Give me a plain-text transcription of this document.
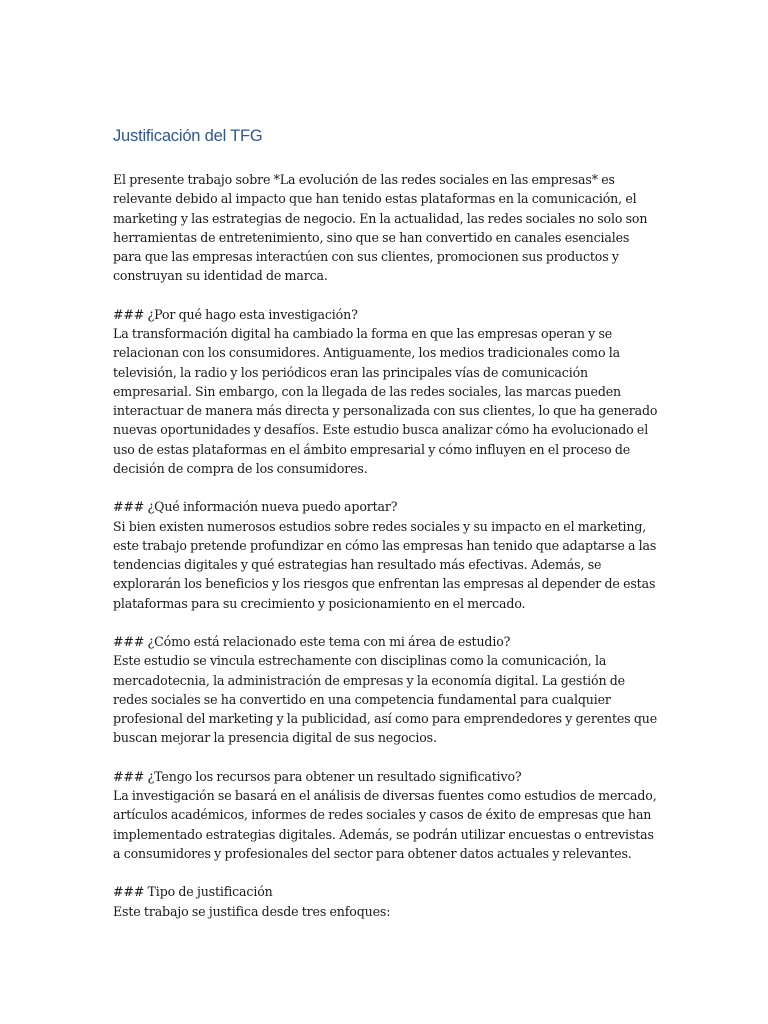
Justificación del TFG

El presente trabajo sobre *La evolución de las redes sociales en las empresas* es relevante debido al impacto que han tenido estas plataformas en la comunicación, el marketing y las estrategias de negocio. En la actualidad, las redes sociales no solo son herramientas de entretenimiento, sino que se han convertido en canales esenciales para que las empresas interactúen con sus clientes, promocionen sus productos y construyan su identidad de marca.

### ¿Por qué hago esta investigación?

La transformación digital ha cambiado la forma en que las empresas operan y se relacionan con los consumidores. Antiguamente, los medios tradicionales como la televisión, la radio y los periódicos eran las principales vías de comunicación empresarial. Sin embargo, con la llegada de las redes sociales, las marcas pueden interactuar de manera más directa y personalizada con sus clientes, lo que ha generado nuevas oportunidades y desafíos. Este estudio busca analizar cómo ha evolucionado el uso de estas plataformas en el ámbito empresarial y cómo influyen en el proceso de decisión de compra de los consumidores.

### ¿Qué información nueva puedo aportar?

Si bien existen numerosos estudios sobre redes sociales y su impacto en el marketing, este trabajo pretende profundizar en cómo las empresas han tenido que adaptarse a las tendencias digitales y qué estrategias han resultado más efectivas. Además, se explorarán los beneficios y los riesgos que enfrentan las empresas al depender de estas plataformas para su crecimiento y posicionamiento en el mercado.

### ¿Cómo está relacionado este tema con mi área de estudio?

Este estudio se vincula estrechamente con disciplinas como la comunicación, la mercadotecnia, la administración de empresas y la economía digital. La gestión de redes sociales se ha convertido en una competencia fundamental para cualquier profesional del marketing y la publicidad, así como para emprendedores y gerentes que buscan mejorar la presencia digital de sus negocios.

### ¿Tengo los recursos para obtener un resultado significativo?

La investigación se basará en el análisis de diversas fuentes como estudios de mercado, artículos académicos, informes de redes sociales y casos de éxito de empresas que han implementado estrategias digitales. Además, se podrán utilizar encuestas o entrevistas a consumidores y profesionales del sector para obtener datos actuales y relevantes.

### Tipo de justificación

Este trabajo se justifica desde tres enfoques:
